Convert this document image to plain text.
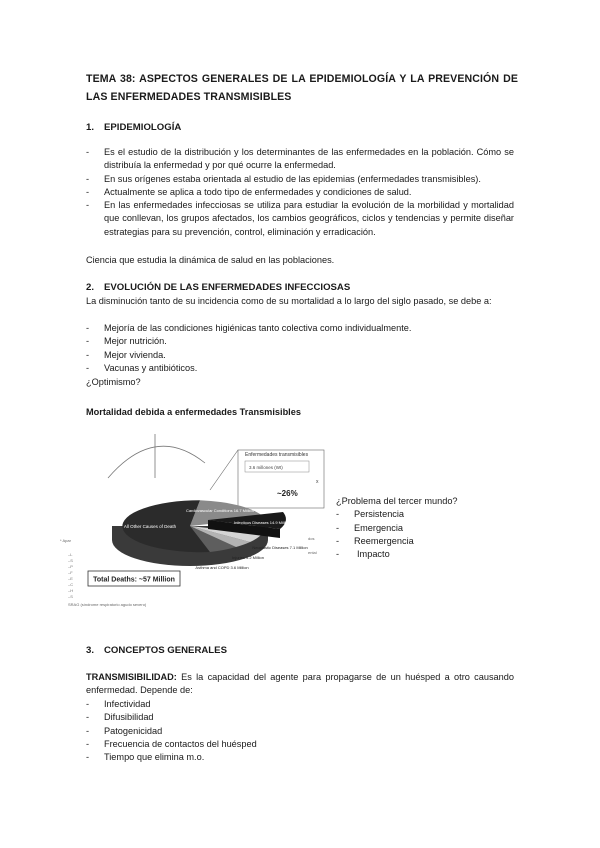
TEMA 38: ASPECTOS GENERALES DE LA EPIDEMIOLOGÍA Y LA PREVENCIÓN DE LAS ENFERMEDADES TRANSMISIBLES
1. EPIDEMIOLOGÍA
- Es el estudio de la distribución y los determinantes de las enfermedades en la población. Cómo se distribuía la enfermedad y por qué ocurre la enfermedad.
- En sus orígenes estaba orientada al estudio de las epidemias (enfermedades transmisibles).
- Actualmente se aplica a todo tipo de enfermedades y condiciones de salud.
- En las enfermedades infecciosas se utiliza para estudiar la evolución de la morbilidad y mortalidad que conllevan, los grupos afectados, los cambios geográficos, ciclos y tendencias y permite diseñar estrategias para su prevención, control, eliminación y erradicación.
Ciencia que estudia la dinámica de salud en las poblaciones.
2. EVOLUCIÓN DE LAS ENFERMEDADES INFECCIOSAS
La disminución tanto de su incidencia como de su mortalidad a lo largo del siglo pasado, se debe a:
- Mejoría de las condiciones higiénicas tanto colectiva como individualmente.
- Mejor nutrición.
- Mejor vivienda.
- Vacunas y antibióticos.
¿Optimismo?
Mortalidad debida a enfermedades Transmisibles
Enfermedades transmisibles
3.6 millones (Wt)
x
~26%
All Other Causes of Death
Cardiovascular Conditions 16.7 Million
Infectious Diseases 14.9 Million
Neoplastic Diseases 7.1 Million
Injuries 5.2 Million
Asthma and COPD 3.6 Million
* Apar	dos
ental
–L
–S
–P
–F
–E
–C
–H
–S
Total Deaths: ~57 Million
SRAG (síndrome respiratorio agudo severo)
¿Problema del tercer mundo?
- Persistencia
- Emergencia
- Reemergencia
- Impacto
3. CONCEPTOS GENERALES
TRANSMISIBILIDAD: Es la capacidad del agente para propagarse de un huésped a otro causando enfermedad. Depende de:
- Infectividad
- Difusibilidad
- Patogenicidad
- Frecuencia de contactos del huésped
- Tiempo que elimina m.o.
